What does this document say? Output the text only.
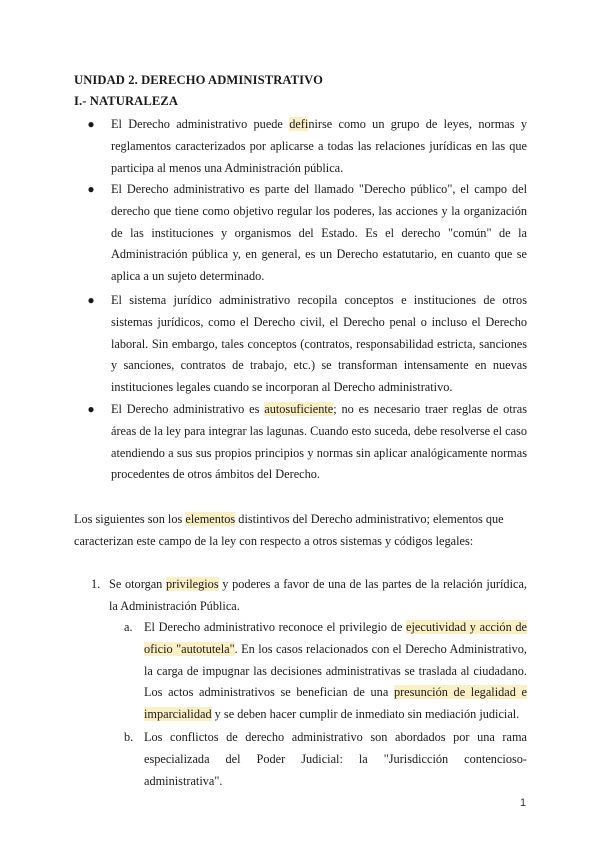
UNIDAD 2. DERECHO ADMINISTRATIVO
I.- NATURALEZA
● El Derecho administrativo puede definirse como un grupo de leyes, normas y reglamentos caracterizados por aplicarse a todas las relaciones jurídicas en las que participa al menos una Administración pública.
● El Derecho administrativo es parte del llamado "Derecho público", el campo del derecho que tiene como objetivo regular los poderes, las acciones y la organización de las instituciones y organismos del Estado. Es el derecho "común" de la Administración pública y, en general, es un Derecho estatutario, en cuanto que se aplica a un sujeto determinado.
● El sistema jurídico administrativo recopila conceptos e instituciones de otros sistemas jurídicos, como el Derecho civil, el Derecho penal o incluso el Derecho laboral. Sin embargo, tales conceptos (contratos, responsabilidad estricta, sanciones y sanciones, contratos de trabajo, etc.) se transforman intensamente en nuevas instituciones legales cuando se incorporan al Derecho administrativo.
● El Derecho administrativo es autosuficiente; no es necesario traer reglas de otras áreas de la ley para integrar las lagunas. Cuando esto suceda, debe resolverse el caso atendiendo a sus sus propios principios y normas sin aplicar analógicamente normas procedentes de otros ámbitos del Derecho.
Los siguientes son los elementos distintivos del Derecho administrativo; elementos que caracterizan este campo de la ley con respecto a otros sistemas y códigos legales:
1. Se otorgan privilegios y poderes a favor de una de las partes de la relación jurídica, la Administración Pública.
a. El Derecho administrativo reconoce el privilegio de ejecutividad y acción de oficio "autotutela". En los casos relacionados con el Derecho Administrativo, la carga de impugnar las decisiones administrativas se traslada al ciudadano. Los actos administrativos se benefician de una presunción de legalidad e imparcialidad y se deben hacer cumplir de inmediato sin mediación judicial.
b. Los conflictos de derecho administrativo son abordados por una rama especializada del Poder Judicial: la "Jurisdicción contencioso-administrativa".
1
